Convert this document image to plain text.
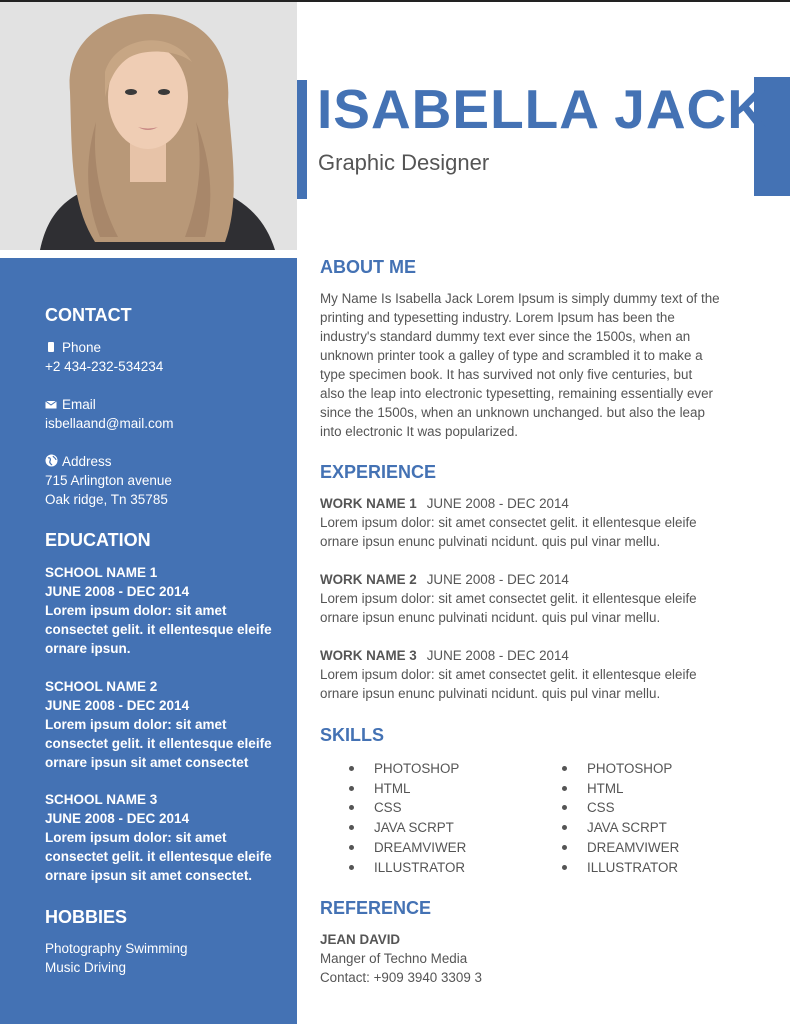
ISABELLA JACK
Graphic Designer
CONTACT
Phone
+2 434-232-534234
Email
isbellaand@mail.com
Address
715 Arlington avenue
Oak ridge, Tn 35785
EDUCATION
SCHOOL NAME 1
JUNE 2008 - DEC 2014
Lorem ipsum dolor: sit amet
consectet gelit. it ellentesque eleife
ornare ipsun.
SCHOOL NAME 2
JUNE 2008 - DEC 2014
Lorem ipsum dolor: sit amet
consectet gelit. it ellentesque eleife
ornare ipsun sit amet consectet
SCHOOL NAME 3
JUNE 2008 - DEC 2014
Lorem ipsum dolor: sit amet
consectet gelit. it ellentesque eleife
ornare ipsun sit amet consectet.
HOBBIES
Photography Swimming
Music Driving
ABOUT ME
My Name Is Isabella Jack Lorem Ipsum is simply dummy text of the
printing and typesetting industry. Lorem Ipsum has been the
industry's standard dummy text ever since the 1500s, when an
unknown printer took a galley of type and scrambled it to make a
type specimen book. It has survived not only five centuries, but
also the leap into electronic typesetting, remaining essentially ever
since the 1500s, when an unknown unchanged. but also the leap
into electronic It was popularized.
EXPERIENCE
WORK NAME 1 JUNE 2008 - DEC 2014
Lorem ipsum dolor: sit amet consectet gelit. it ellentesque eleife
ornare ipsun enunc pulvinati ncidunt. quis pul vinar mellu.
WORK NAME 2 JUNE 2008 - DEC 2014
Lorem ipsum dolor: sit amet consectet gelit. it ellentesque eleife
ornare ipsun enunc pulvinati ncidunt. quis pul vinar mellu.
WORK NAME 3 JUNE 2008 - DEC 2014
Lorem ipsum dolor: sit amet consectet gelit. it ellentesque eleife
ornare ipsun enunc pulvinati ncidunt. quis pul vinar mellu.
SKILLS
PHOTOSHOP
HTML
CSS
JAVA SCRPT
DREAMVIWER
ILLUSTRATOR
PHOTOSHOP
HTML
CSS
JAVA SCRPT
DREAMVIWER
ILLUSTRATOR
REFERENCE
JEAN DAVID
Manger of Techno Media
Contact: +909 3940 3309 3
